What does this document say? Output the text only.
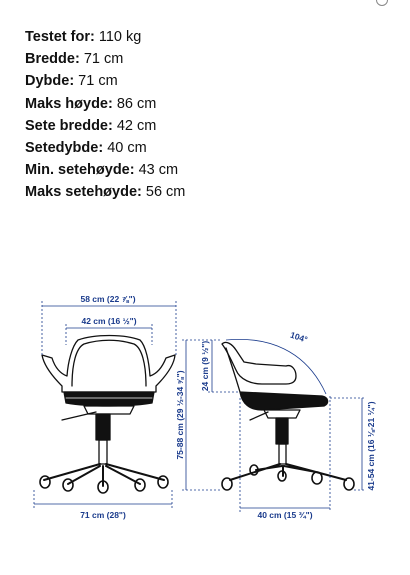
Testet for: 110 kg
Bredde: 71 cm
Dybde: 71 cm
Maks høyde: 86 cm
Sete bredde: 42 cm
Setedybde: 40 cm
Min. setehøyde: 43 cm
Maks setehøyde: 56 cm
58 cm (22 ⅞")
42 cm (16 ½")
71 cm (28")
75-88 cm (29 ½-34 ⅝")
24 cm (9 ½")
104°
40 cm (15 ¾")
41-54 cm (16 ⅛-21 ¼")
